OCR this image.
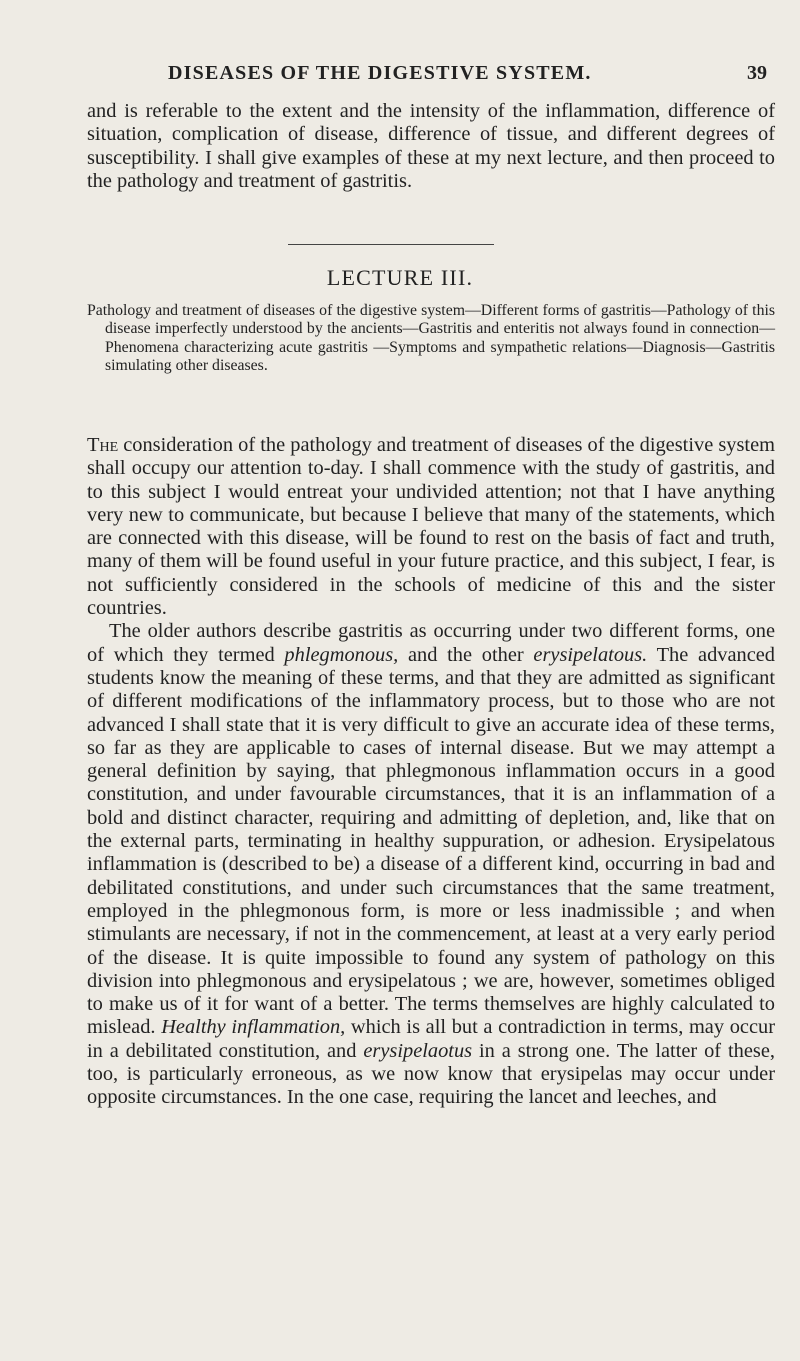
DISEASES OF THE DIGESTIVE SYSTEM.	39

and is referable to the extent and the intensity of the inflammation, difference of situation, complication of disease, difference of tissue, and different degrees of susceptibility. I shall give examples of these at my next lecture, and then proceed to the pathology and treatment of gastritis.

LECTURE III.
Pathology and treatment of diseases of the digestive system—Different forms of gastritis—Pathology of this disease imperfectly understood by the ancients—Gastritis and enteritis not always found in connection—Phenomena characterizing acute gastritis —Symptoms and sympathetic relations—Diagnosis—Gastritis simulating other diseases.

The consideration of the pathology and treatment of diseases of the digestive system shall occupy our attention to-day. I shall commence with the study of gastritis, and to this subject I would entreat your undivided attention; not that I have anything very new to communicate, but because I believe that many of the statements, which are connected with this disease, will be found to rest on the basis of fact and truth, many of them will be found useful in your future practice, and this subject, I fear, is not sufficiently considered in the schools of medicine of this and the sister countries.

The older authors describe gastritis as occurring under two different forms, one of which they termed phlegmonous, and the other erysipelatous. The advanced students know the meaning of these terms, and that they are admitted as significant of different modifications of the inflammatory process, but to those who are not advanced I shall state that it is very difficult to give an accurate idea of these terms, so far as they are applicable to cases of internal disease. But we may attempt a general definition by saying, that phlegmonous inflammation occurs in a good constitution, and under favourable circumstances, that it is an inflammation of a bold and distinct character, requiring and admitting of depletion, and, like that on the external parts, terminating in healthy suppuration, or adhesion. Erysipelatous inflammation is (described to be) a disease of a different kind, occurring in bad and debilitated constitutions, and under such circumstances that the same treatment, employed in the phlegmonous form, is more or less inadmissible ; and when stimulants are necessary, if not in the commencement, at least at a very early period of the disease. It is quite impossible to found any system of pathology on this division into phlegmonous and erysipelatous ; we are, however, sometimes obliged to make us of it for want of a better. The terms themselves are highly calculated to mislead. Healthy inflammation, which is all but a contradiction in terms, may occur in a debilitated constitution, and erysipelaotus in a strong one. The latter of these, too, is particularly erroneous, as we now know that erysipelas may occur under opposite circumstances. In the one case, requiring the lancet and leeches, and
